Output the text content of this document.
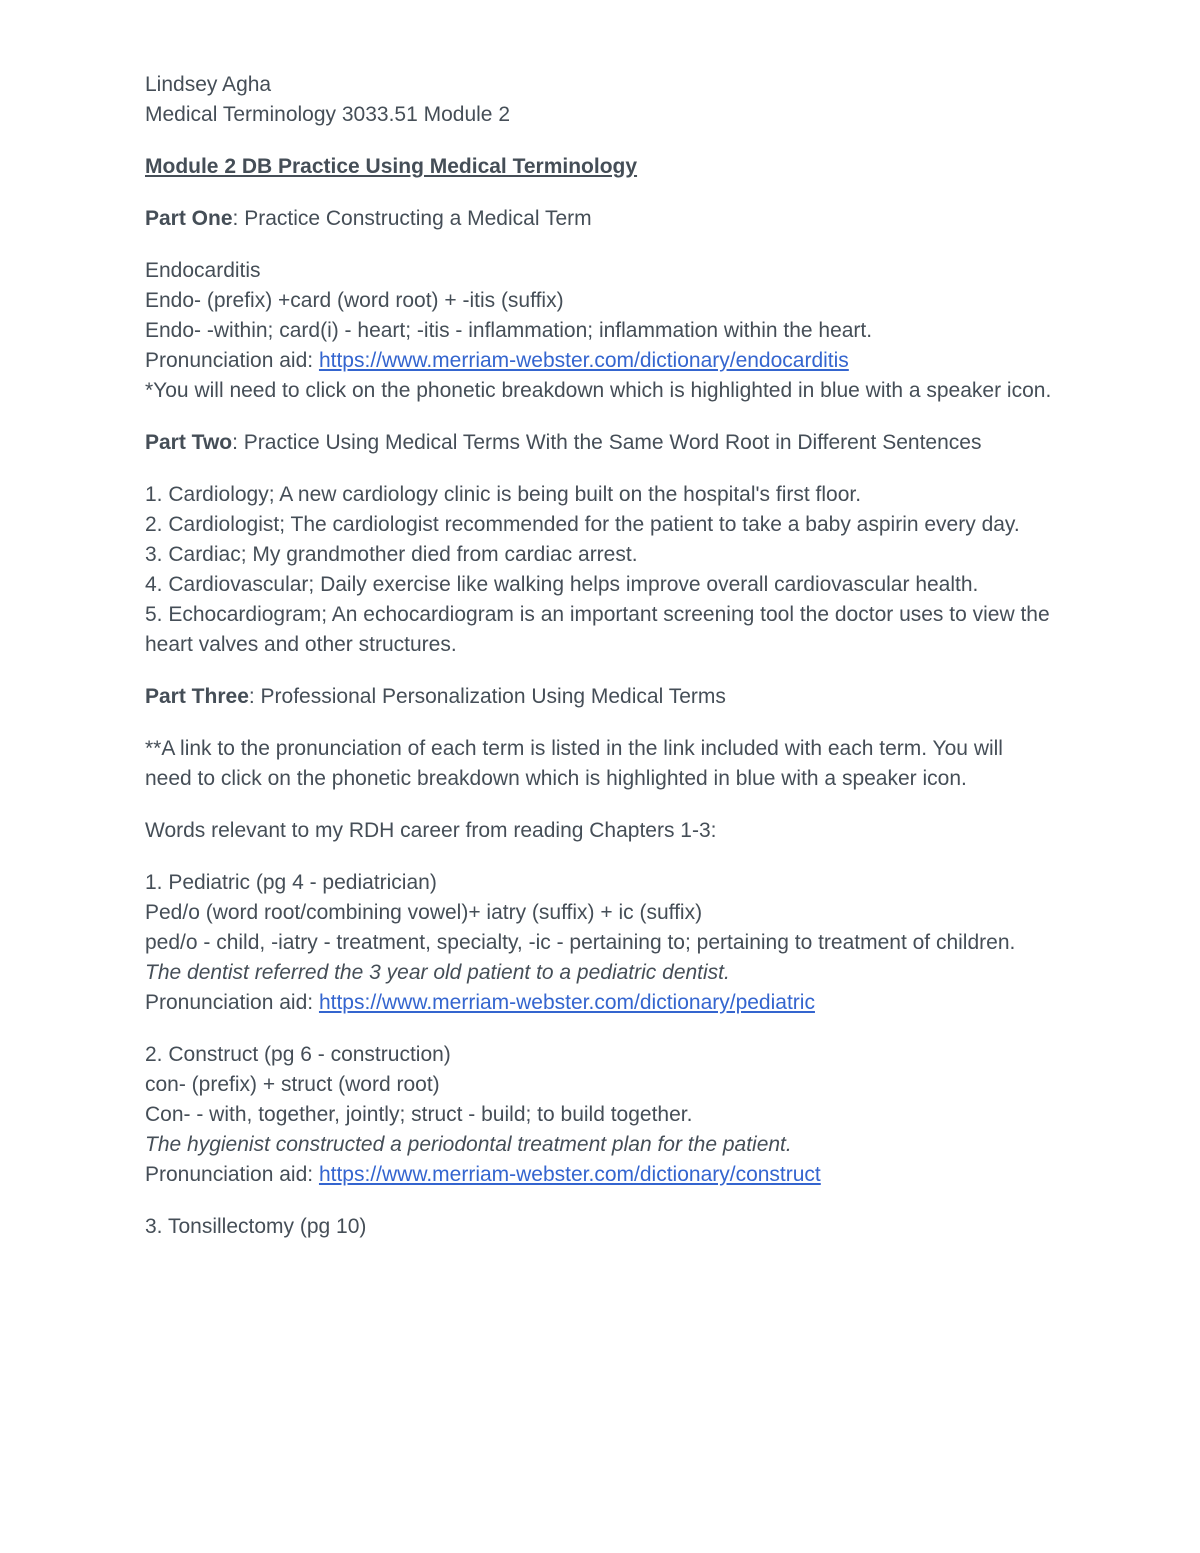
Lindsey Agha
Medical Terminology 3033.51 Module 2
Module 2 DB Practice Using Medical Terminology
Part One: Practice Constructing a Medical Term
Endocarditis
Endo- (prefix) +card (word root) + -itis (suffix)
Endo- -within; card(i) - heart; -itis - inflammation; inflammation within the heart.
Pronunciation aid: https://www.merriam-webster.com/dictionary/endocarditis
*You will need to click on the phonetic breakdown which is highlighted in blue with a speaker icon.
Part Two: Practice Using Medical Terms With the Same Word Root in Different Sentences
1. Cardiology; A new cardiology clinic is being built on the hospital's first floor.
2. Cardiologist; The cardiologist recommended for the patient to take a baby aspirin every day.
3. Cardiac; My grandmother died from cardiac arrest.
4. Cardiovascular; Daily exercise like walking helps improve overall cardiovascular health.
5. Echocardiogram; An echocardiogram is an important screening tool the doctor uses to view the heart valves and other structures.
Part Three: Professional Personalization Using Medical Terms
**A link to the pronunciation of each term is listed in the link included with each term. You will need to click on the phonetic breakdown which is highlighted in blue with a speaker icon.
Words relevant to my RDH career from reading Chapters 1-3:
1. Pediatric (pg 4 - pediatrician)
Ped/o (word root/combining vowel)+ iatry (suffix) + ic (suffix)
ped/o - child, -iatry - treatment, specialty, -ic - pertaining to; pertaining to treatment of children.
The dentist referred the 3 year old patient to a pediatric dentist.
Pronunciation aid: https://www.merriam-webster.com/dictionary/pediatric
2. Construct (pg 6 - construction)
con- (prefix) + struct (word root)
Con- - with, together, jointly; struct - build; to build together.
The hygienist constructed a periodontal treatment plan for the patient.
Pronunciation aid: https://www.merriam-webster.com/dictionary/construct
3. Tonsillectomy (pg 10)
